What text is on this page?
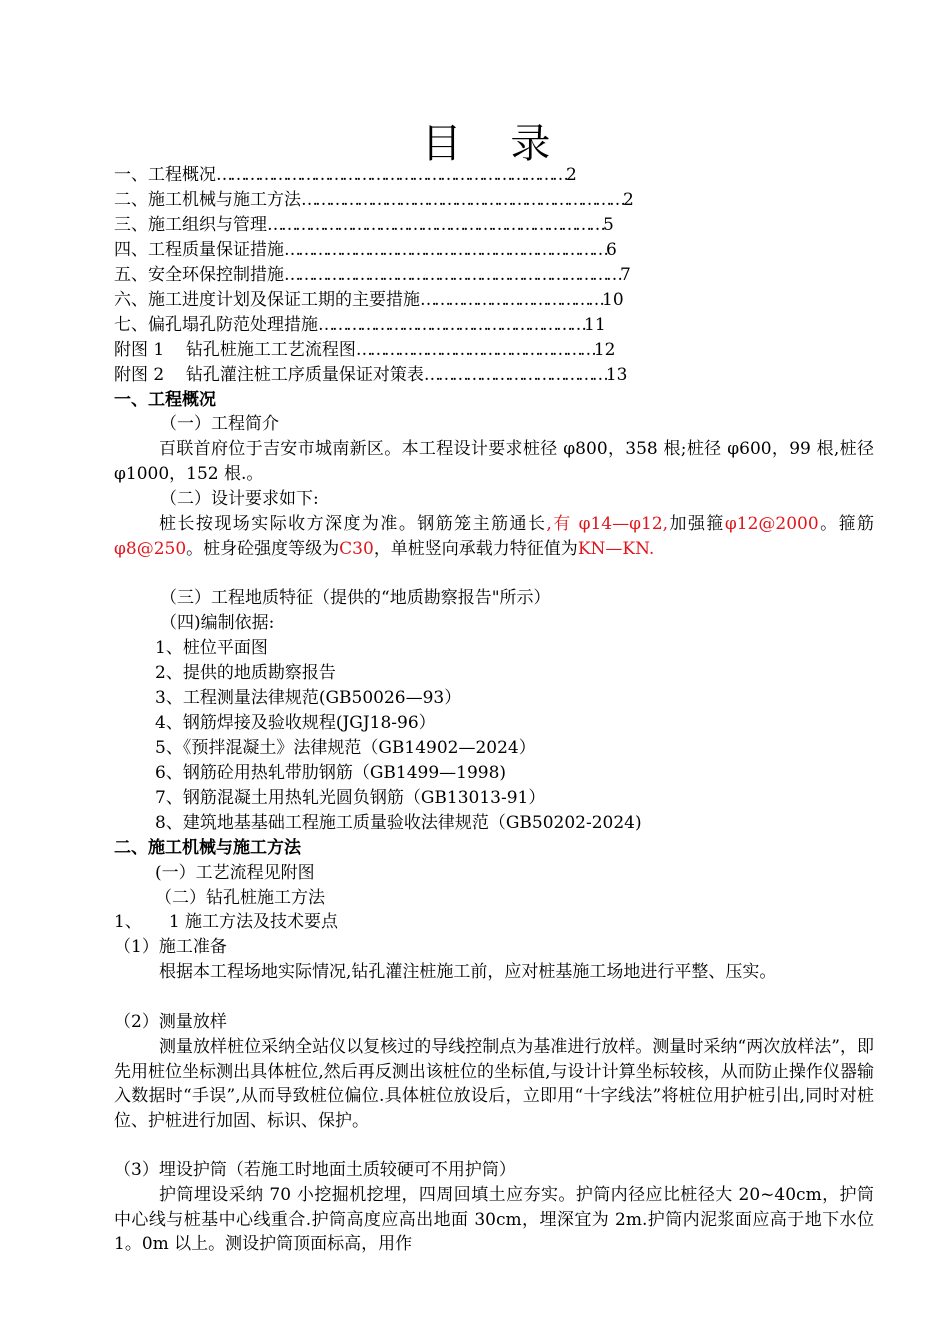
目 录
一、工程概况…………………………………………………………………2
二、施工机械与施工方法……………………………………………………………2
三、施工组织与管理………………………………………………………………5
四、工程质量保证措施……………………………………………………………6
五、安全环保控制措施………………………………………………………………7
六、施工进度计划及保证工期的主要措施…………………………………10
七、偏孔塌孔防范处理措施…………………………………………………11
附图 1    钻孔桩施工工艺流程图……………………………………………12
附图 2    钻孔灌注桩工序质量保证对策表…………………………………13
一、工程概况
（一）工程简介
百联首府位于吉安市城南新区。本工程设计要求桩径 φ800，358 根;桩径 φ600，99 根,桩径 φ1000，152 根.。
（二）设计要求如下:
桩长按现场实际收方深度为准。钢筋笼主筋通长,有 φ14—φ12,加强箍φ12@2000。箍筋φ8@250。桩身砼强度等级为C30，单桩竖向承载力特征值为KN—KN.
（三）工程地质特征（提供的“地质勘察报告"所示）
（四)编制依据:
1、桩位平面图
2、提供的地质勘察报告
3、工程测量法律规范(GB50026—93）
4、钢筋焊接及验收规程(JGJ18-96）
5、《预拌混凝土》法律规范（GB14902—2024）
6、钢筋砼用热轧带肋钢筋（GB1499—1998)
7、钢筋混凝土用热轧光圆负钢筋（GB13013-91）
8、建筑地基基础工程施工质量验收法律规范（GB50202-2024)
二、施工机械与施工方法
(一）工艺流程见附图
（二）钻孔桩施工方法
1、     1 施工方法及技术要点
（1）施工准备
根据本工程场地实际情况,钻孔灌注桩施工前，应对桩基施工场地进行平整、压实。
（2）测量放样
测量放样桩位采纳全站仪以复核过的导线控制点为基准进行放样。测量时采纳“两次放样法”，即先用桩位坐标测出具体桩位,然后再反测出该桩位的坐标值,与设计计算坐标较核，从而防止操作仪器输入数据时“手误”,从而导致桩位偏位.具体桩位放设后，立即用“十字线法”将桩位用护桩引出,同时对桩位、护桩进行加固、标识、保护。
（3）埋设护筒（若施工时地面土质较硬可不用护筒）
护筒埋设采纳 70 小挖掘机挖埋，四周回填土应夯实。护筒内径应比桩径大 20~40cm，护筒中心线与桩基中心线重合.护筒高度应高出地面 30cm，埋深宜为 2m.护筒内泥浆面应高于地下水位 1。0m 以上。测设护筒顶面标高，用作
